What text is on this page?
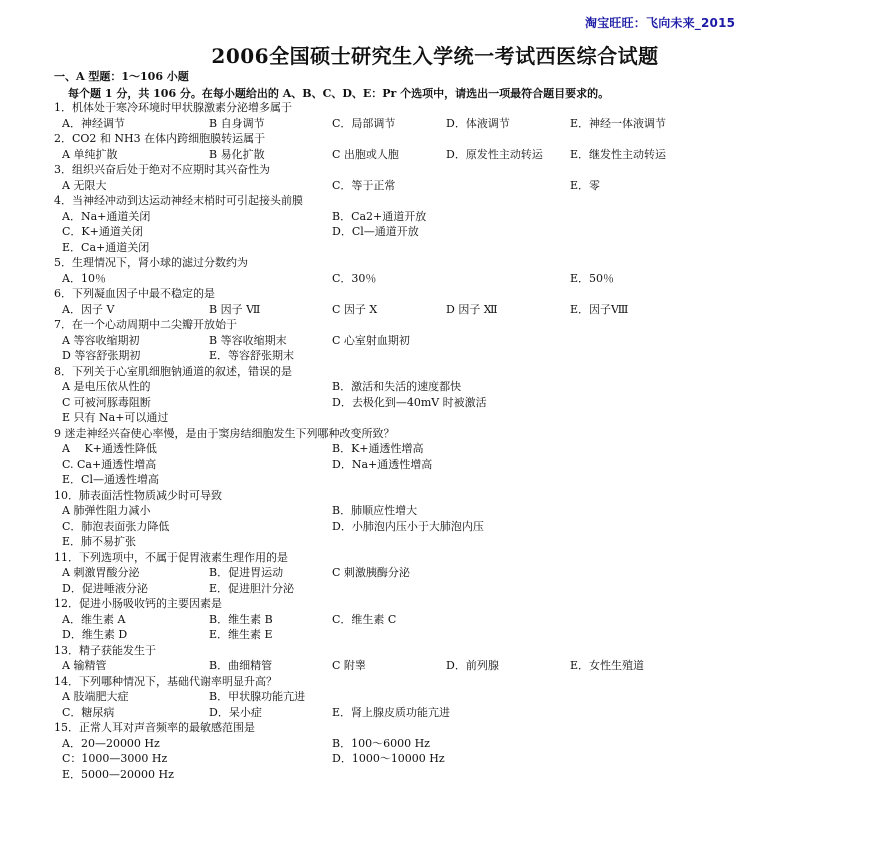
淘宝旺旺：飞向未来_2015
2006全国硕士研究生入学统一考试西医综合试题
一、A 型题：1～106 小题
每个题 1 分，共 106 分。在每小题给出的 A、B、C、D、E：Pr 个选项中，请选出一项最符合题目要求的。
1．机体处于寒冷环境时甲状腺激素分泌增多属于
A．神经调节	B 自身调节	C．局部调节	D．体液调节	E．神经一体液调节
2．CO2 和 NH3 在体内跨细胞膜转运属于
A 单纯扩散	B 易化扩散	C 出胞或人胞	D．原发性主动转运 E．继发性主动转运
3．组织兴奋后处于绝对不应期时其兴奋性为
A 无限大	C．等于正常	E．零
4．当神经冲动到达运动神经末梢时可引起接头前膜
A．Na+通道关闭	B．Ca2+通道开放
C．K+通道关闭	D．Cl—通道开放
E．Ca+通道关闭
5．生理情况下，肾小球的滤过分数约为
A．10％	C．30％	E．50％
6．下列凝血因子中最不稳定的是
A．因子 V	B 因子 Ⅶ	C 因子 X	D 因子 Ⅻ	E．因子Ⅷ
7．在一个心动周期中二尖瓣开放始于
A 等容收缩期初	B 等容收缩期末	C 心室射血期初
D 等容舒张期初	E．等容舒张期末
8．下列关于心室肌细胞钠通道的叙述，错误的是
A 是电压依从性的	B．激活和失活的速度都快
C 可被河豚毒阻断	D．去极化到—40mV 时被激活
E 只有 Na+可以通过
9 迷走神经兴奋使心率慢，是由于窦房结细胞发生下列哪种改变所致？
A　 K+通透性降低	B．K+通透性增高
C. Ca+通透性增高	D．Na+通透性增高
E．Cl—通透性增高
10．肺表面活性物质减少时可导致
A 肺弹性阻力减小	B．肺顺应性增大
C．肺泡表面张力降低	D．小肺泡内压小于大肺泡内压
E．肺不易扩张
11．下列选项中，不属于促胃液素生理作用的是
A 刺激胃酸分泌	B．促进胃运动	C 刺激胰酶分泌
D．促进唾液分泌	E．促进胆汁分泌
12．促进小肠吸收钙的主要因素是
A．维生素 A	B．维生素 B	C．维生素 C
D．维生素 D	E．维生素 E
13．精子获能发生于
A 输精管	B．曲细精管	C 附睾	D．前列腺	E．女性生殖道
14．下列哪种情况下，基础代谢率明显升高？
A 肢端肥大症	B．甲状腺功能亢进
C．糖尿病	D．呆小症	E．肾上腺皮质功能亢进
15．正常人耳对声音频率的最敏感范围是
A．20—20000 Hz	B．100～6000 Hz
C：1000—3000 Hz	D．1000～10000 Hz
E．5000—20000 Hz
